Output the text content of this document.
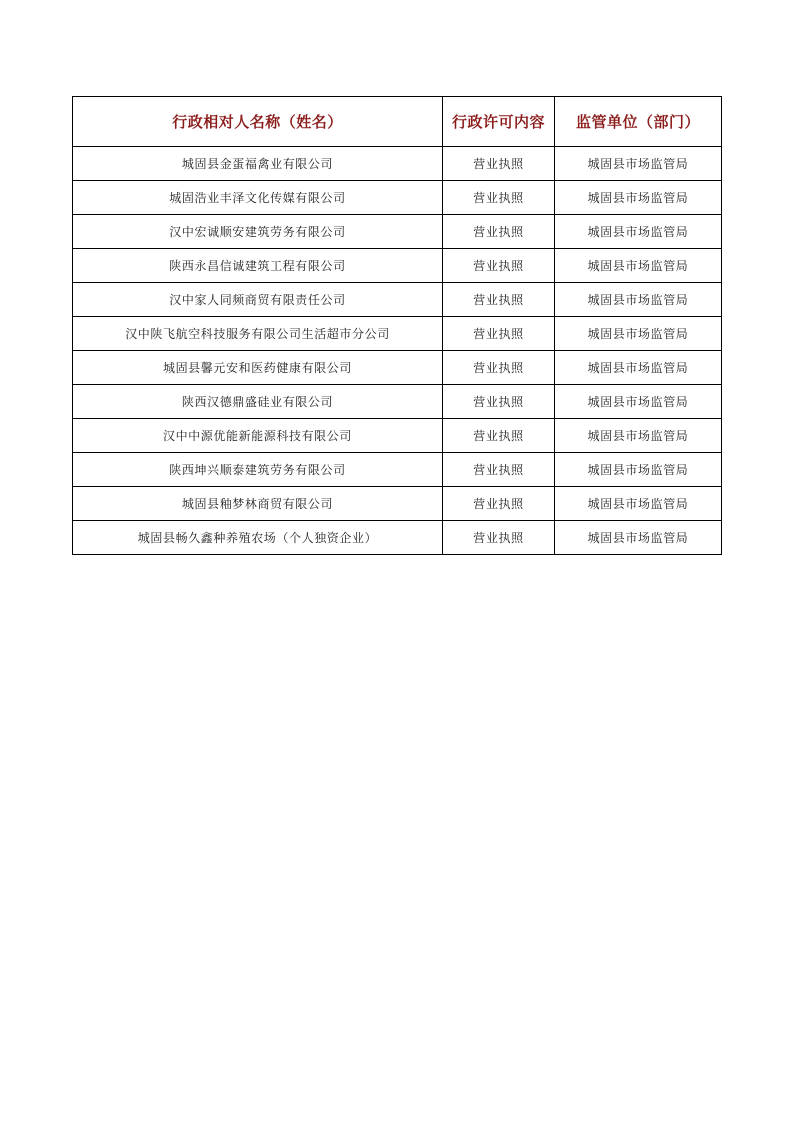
行政相对人名称（姓名）	行政许可内容	监管单位（部门）
城固县金蛋福禽业有限公司	营业执照	城固县市场监管局
城固浩业丰泽文化传媒有限公司	营业执照	城固县市场监管局
汉中宏诚顺安建筑劳务有限公司	营业执照	城固县市场监管局
陕西永昌信诚建筑工程有限公司	营业执照	城固县市场监管局
汉中家人同频商贸有限责任公司	营业执照	城固县市场监管局
汉中陕飞航空科技服务有限公司生活超市分公司	营业执照	城固县市场监管局
城固县馨元安和医药健康有限公司	营业执照	城固县市场监管局
陕西汉德鼎盛硅业有限公司	营业执照	城固县市场监管局
汉中中源优能新能源科技有限公司	营业执照	城固县市场监管局
陕西坤兴顺泰建筑劳务有限公司	营业执照	城固县市场监管局
城固县釉梦林商贸有限公司	营业执照	城固县市场监管局
城固县畅久鑫种养殖农场（个人独资企业）	营业执照	城固县市场监管局
